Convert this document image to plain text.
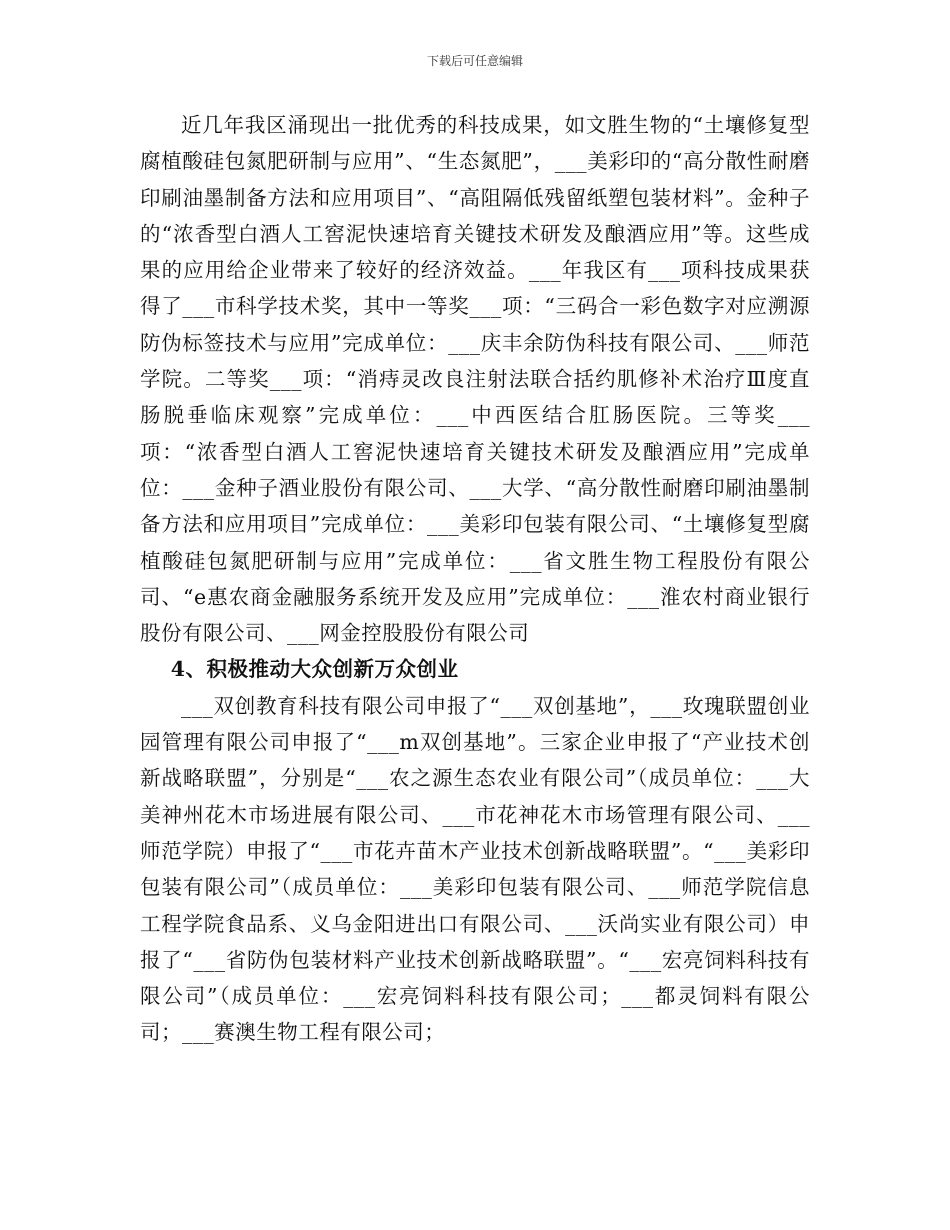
下载后可任意编辑

近几年我区涌现出一批优秀的科技成果，如文胜生物的“土壤修复型腐植酸硅包氮肥研制与应用”、“生态氮肥”，___美彩印的“高分散性耐磨印刷油墨制备方法和应用项目”、“高阻隔低残留纸塑包装材料”。金种子的“浓香型白酒人工窖泥快速培育关键技术研发及酿酒应用”等。这些成果的应用给企业带来了较好的经济效益。___年我区有___项科技成果获得了___市科学技术奖，其中一等奖___项：“三码合一彩色数字对应溯源防伪标签技术与应用”完成单位：___庆丰余防伪科技有限公司、___师范学院。二等奖___项：“消痔灵改良注射法联合括约肌修补术治疗Ⅲ度直肠脱垂临床观察”完成单位：___中西医结合肛肠医院。三等奖___项：“浓香型白酒人工窖泥快速培育关键技术研发及酿酒应用”完成单位：___金种子酒业股份有限公司、___大学、“高分散性耐磨印刷油墨制备方法和应用项目”完成单位：___美彩印包装有限公司、“土壤修复型腐植酸硅包氮肥研制与应用”完成单位：___省文胜生物工程股份有限公司、“e惠农商金融服务系统开发及应用”完成单位：___淮农村商业银行股份有限公司、___网金控股股份有限公司

4、积极推动大众创新万众创业

___双创教育科技有限公司申报了“___双创基地”，___玫瑰联盟创业园管理有限公司申报了“___m双创基地”。三家企业申报了“产业技术创新战略联盟”，分别是“___农之源生态农业有限公司”（成员单位：___大美神州花木市场进展有限公司、___市花神花木市场管理有限公司、___师范学院）申报了“___市花卉苗木产业技术创新战略联盟”。“___美彩印包装有限公司”（成员单位：___美彩印包装有限公司、___师范学院信息工程学院食品系、义乌金阳进出口有限公司、___沃尚实业有限公司）申报了“___省防伪包装材料产业技术创新战略联盟”。“___宏亮饲料科技有限公司”（成员单位：___宏亮饲料科技有限公司；___都灵饲料有限公司；___赛澳生物工程有限公司；
